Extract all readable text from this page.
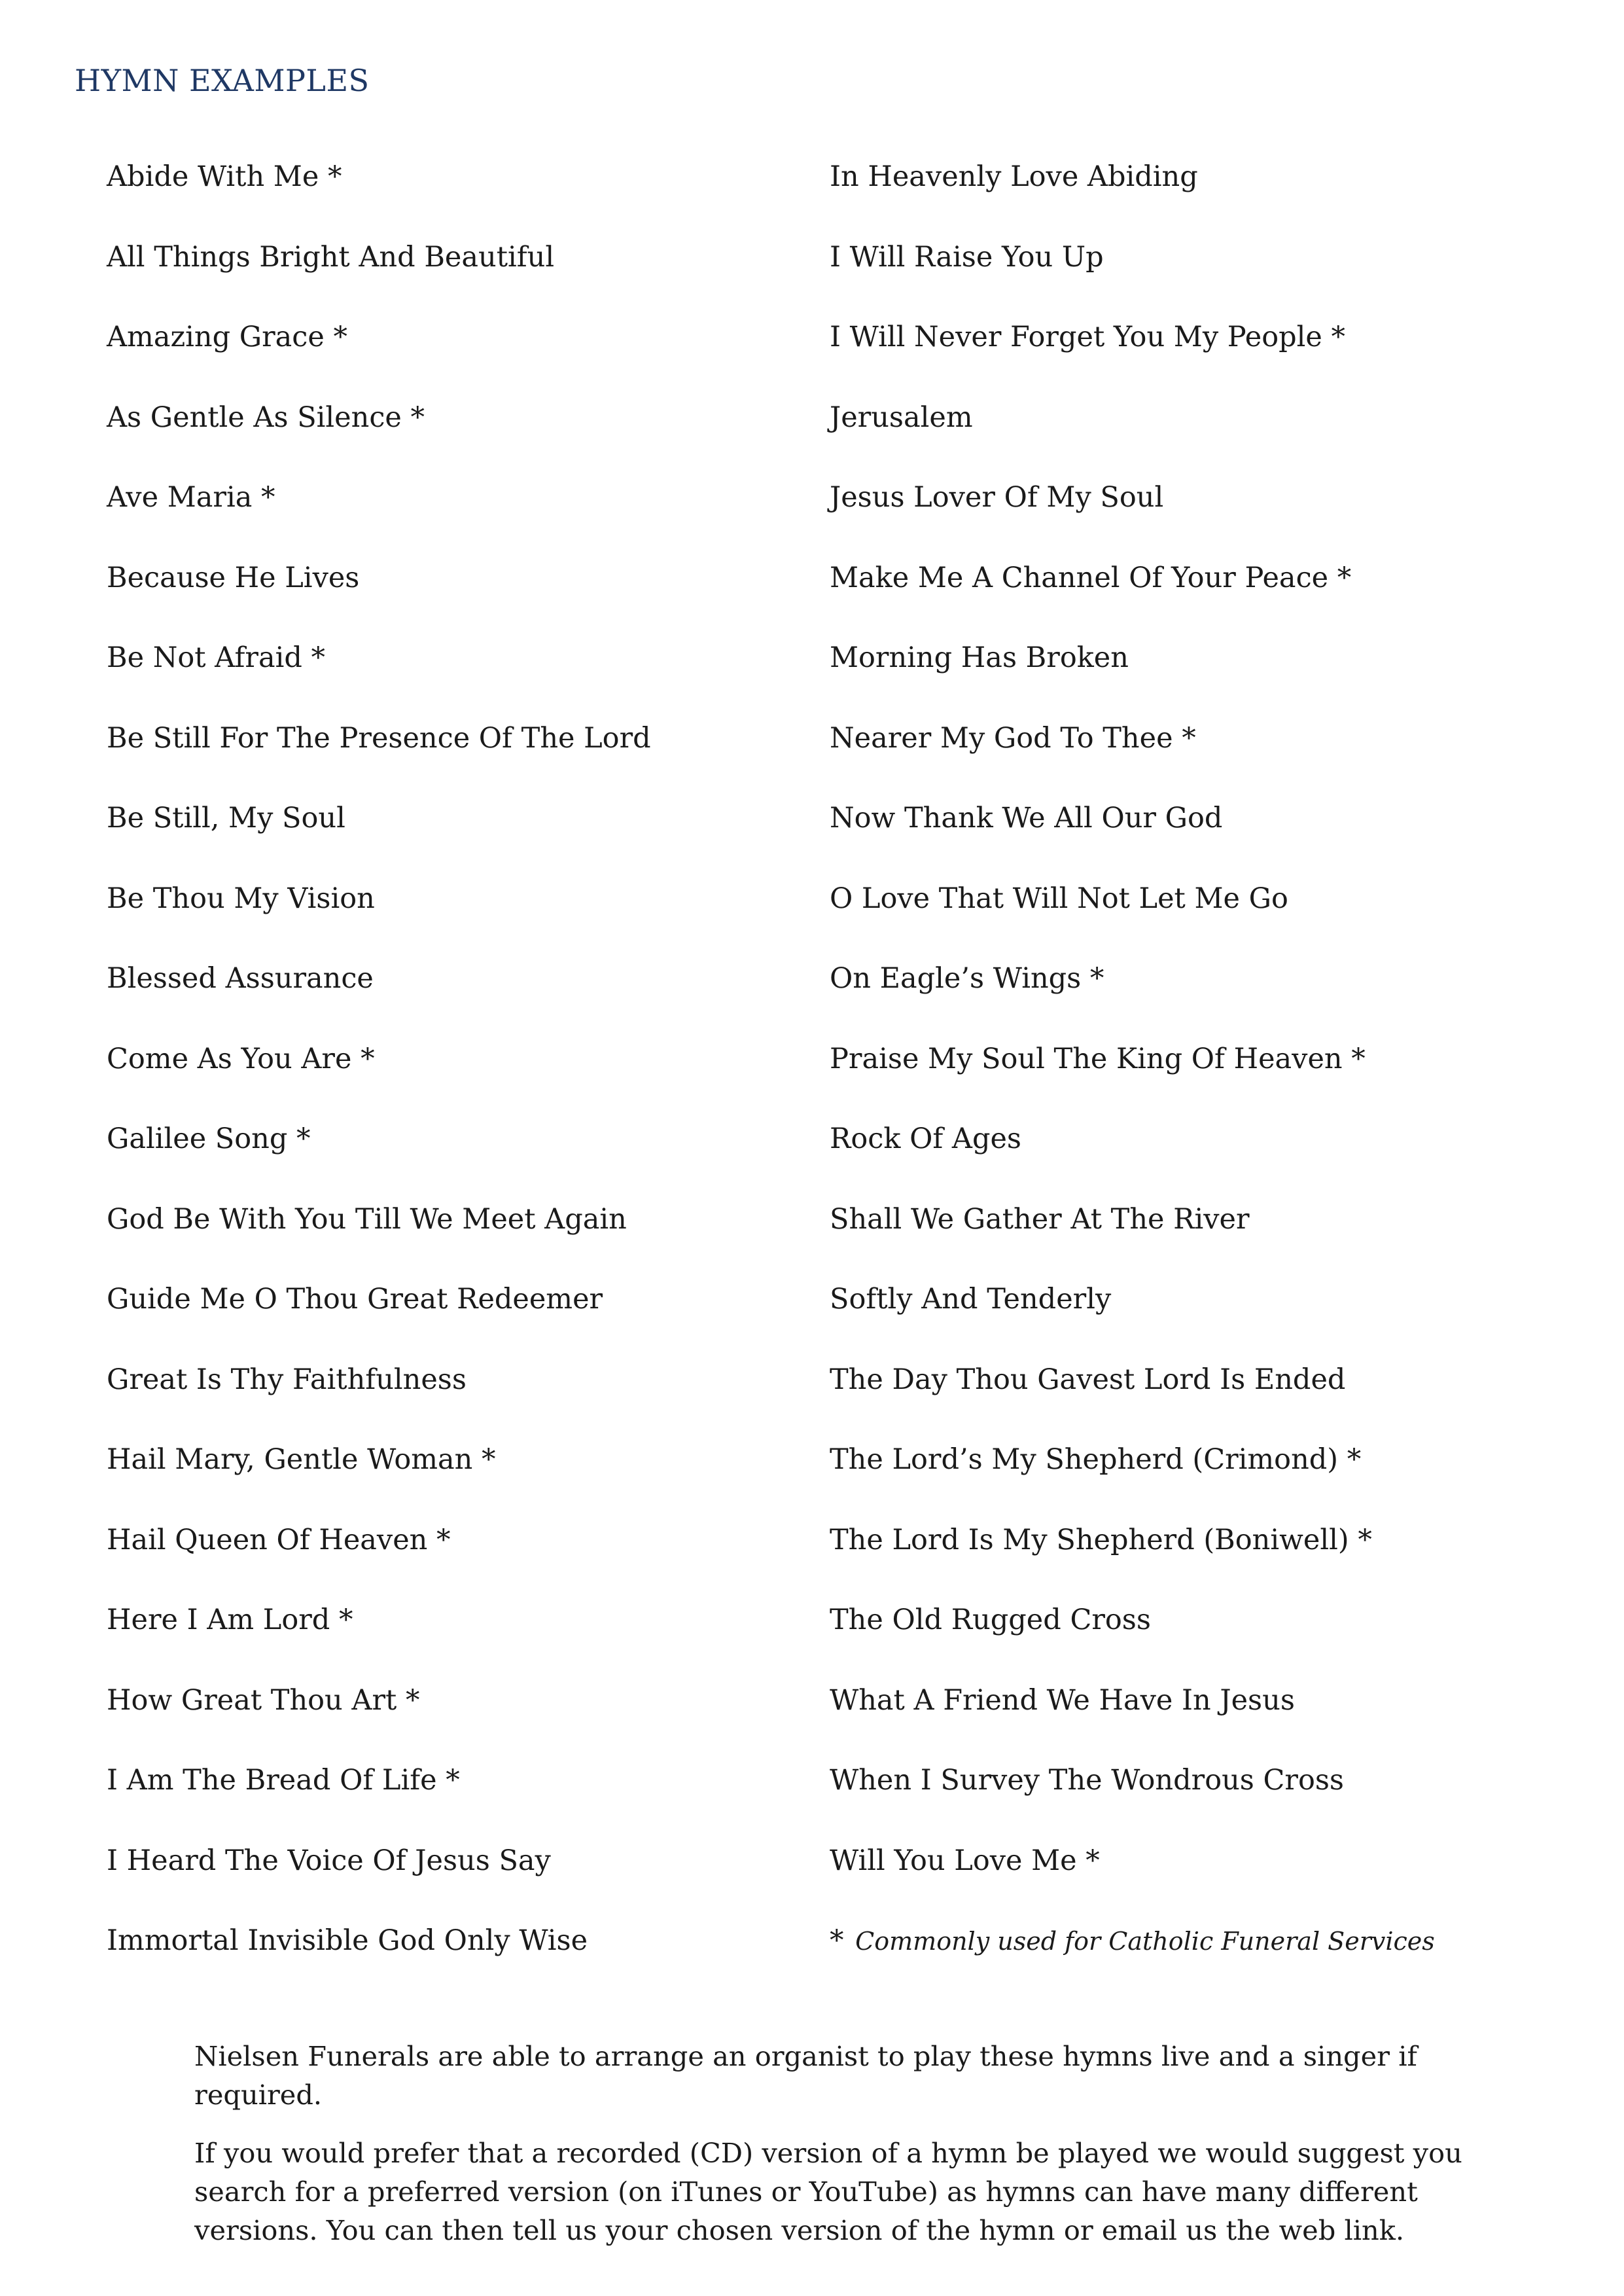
HYMN EXAMPLES
Abide With Me *
All Things Bright And Beautiful
Amazing Grace *
As Gentle As Silence *
Ave Maria *
Because He Lives
Be Not Afraid *
Be Still For The Presence Of The Lord
Be Still, My Soul
Be Thou My Vision
Blessed Assurance
Come As You Are *
Galilee Song *
God Be With You Till We Meet Again
Guide Me O Thou Great Redeemer
Great Is Thy Faithfulness
Hail Mary, Gentle Woman *
Hail Queen Of Heaven *
Here I Am Lord *
How Great Thou Art *
I Am The Bread Of Life *
I Heard The Voice Of Jesus Say
Immortal Invisible God Only Wise
In Heavenly Love Abiding
I Will Raise You Up
I Will Never Forget You My People *
Jerusalem
Jesus Lover Of My Soul
Make Me A Channel Of Your Peace *
Morning Has Broken
Nearer My God To Thee *
Now Thank We All Our God
O Love That Will Not Let Me Go
On Eagle’s Wings *
Praise My Soul The King Of Heaven *
Rock Of Ages
Shall We Gather At The River
Softly And Tenderly
The Day Thou Gavest Lord Is Ended
The Lord’s My Shepherd (Crimond) *
The Lord Is My Shepherd (Boniwell) *
The Old Rugged Cross
What A Friend We Have In Jesus
When I Survey The Wondrous Cross
Will You Love Me *
* Commonly used for Catholic Funeral Services

Nielsen Funerals are able to arrange an organist to play these hymns live and a singer if required.

If you would prefer that a recorded (CD) version of a hymn be played we would suggest you search for a preferred version (on iTunes or YouTube) as hymns can have many different versions. You can then tell us your chosen version of the hymn or email us the web link.
